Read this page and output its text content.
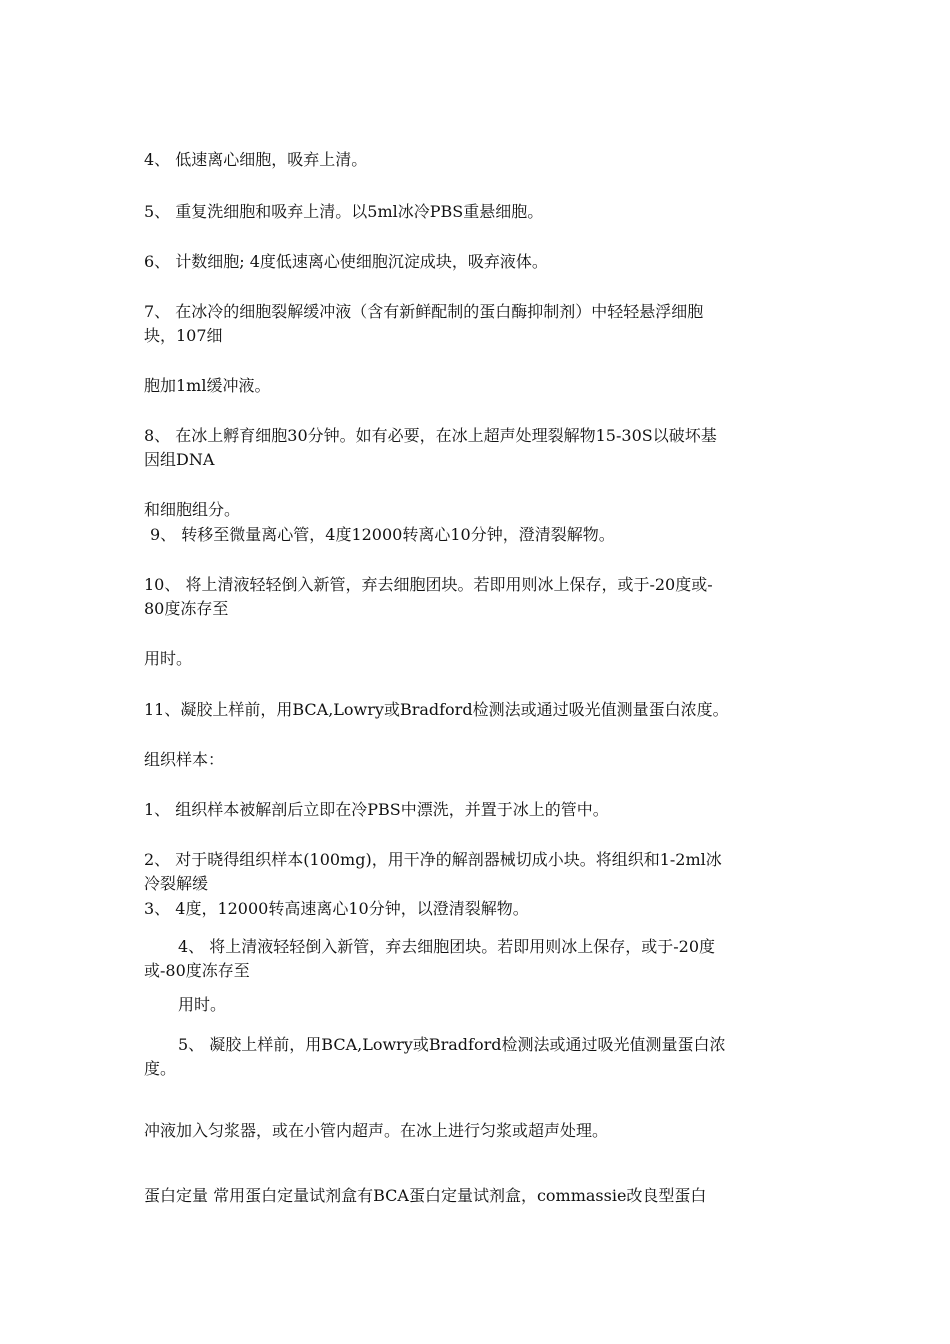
4、 低速离心细胞，吸弃上清。
5、 重复洗细胞和吸弃上清。以5ml冰冷PBS重悬细胞。
6、 计数细胞; 4度低速离心使细胞沉淀成块，吸弃液体。
7、 在冰冷的细胞裂解缓冲液（含有新鲜配制的蛋白酶抑制剂）中轻轻悬浮细胞
块，107细
胞加1ml缓冲液。
8、 在冰上孵育细胞30分钟。如有必要，在冰上超声处理裂解物15-30S以破坏基
因组DNA
和细胞组分。
9、 转移至微量离心管，4度12000转离心10分钟，澄清裂解物。
10、 将上清液轻轻倒入新管，弃去细胞团块。若即用则冰上保存，或于-20度或-
80度冻存至
用时。
11、凝胶上样前，用BCA,Lowry或Bradford检测法或通过吸光值测量蛋白浓度。
组织样本：
1、 组织样本被解剖后立即在冷PBS中漂洗，并置于冰上的管中。
2、 对于晓得组织样本(100mg)，用干净的解剖器械切成小块。将组织和1-2ml冰
冷裂解缓
3、 4度，12000转高速离心10分钟，以澄清裂解物。
4、 将上清液轻轻倒入新管，弃去细胞团块。若即用则冰上保存，或于-20度
或-80度冻存至
用时。
5、 凝胶上样前，用BCA,Lowry或Bradford检测法或通过吸光值测量蛋白浓
度。
冲液加入匀浆器，或在小管内超声。在冰上进行匀浆或超声处理。
蛋白定量 常用蛋白定量试剂盒有BCA蛋白定量试剂盒，commassie改良型蛋白
